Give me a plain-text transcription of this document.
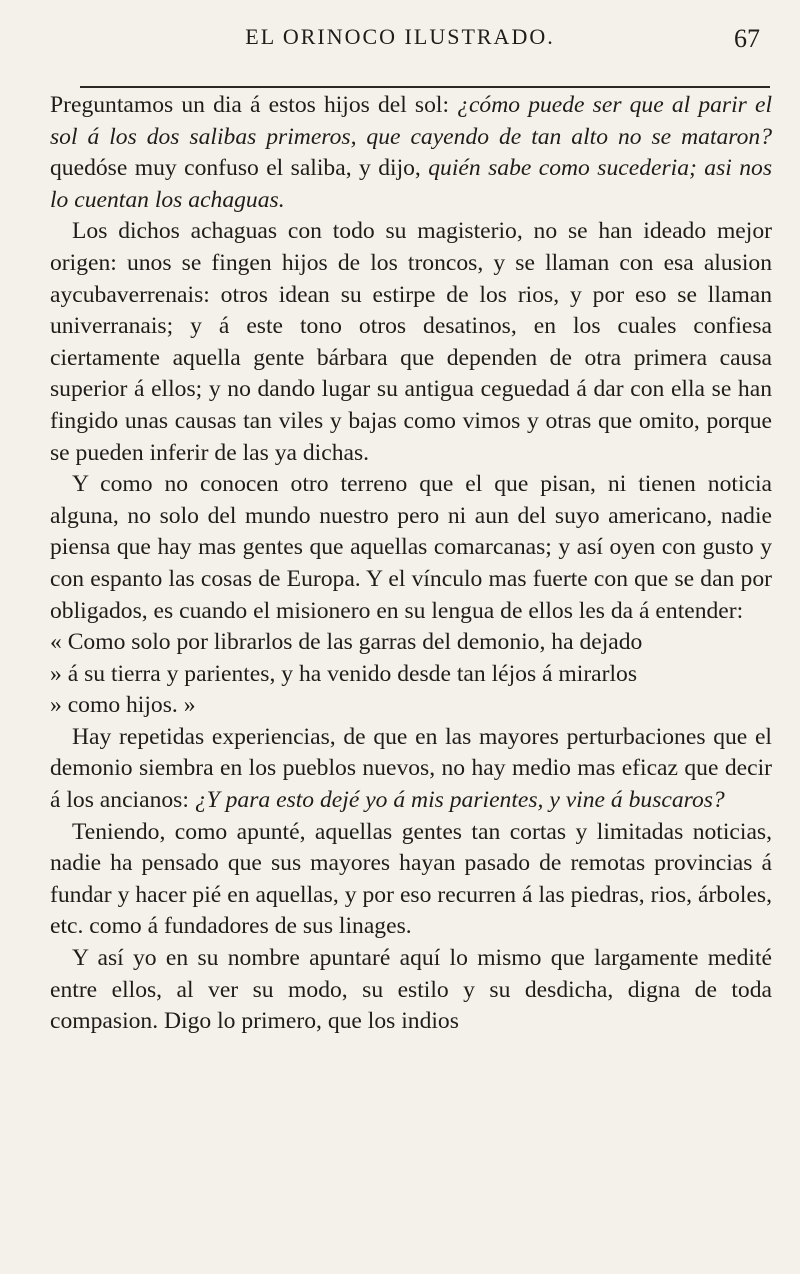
EL ORINOCO ILUSTRADO.	67

Preguntamos un dia á estos hijos del sol: ¿cómo puede ser que al parir el sol á los dos salibas primeros, que cayendo de tan alto no se mataron? quedóse muy confuso el saliba, y dijo, quién sabe como sucederia; asi nos lo cuentan los achaguas.

Los dichos achaguas con todo su magisterio, no se han ideado mejor origen: unos se fingen hijos de los troncos, y se llaman con esa alusion aycubaverrenais: otros idean su estirpe de los rios, y por eso se llaman univerranais; y á este tono otros desatinos, en los cuales confiesa ciertamente aquella gente bárbara que dependen de otra primera causa superior á ellos; y no dando lugar su antigua ceguedad á dar con ella se han fingido unas causas tan viles y bajas como vimos y otras que omito, porque se pueden inferir de las ya dichas.

Y como no conocen otro terreno que el que pisan, ni tienen noticia alguna, no solo del mundo nuestro pero ni aun del suyo americano, nadie piensa que hay mas gentes que aquellas comarcanas; y así oyen con gusto y con espanto las cosas de Europa. Y el vínculo mas fuerte con que se dan por obligados, es cuando el misionero en su lengua de ellos les da á entender:

« Como solo por librarlos de las garras del demonio, ha dejado

» á su tierra y parientes, y ha venido desde tan léjos á mirarlos

» como hijos. »

Hay repetidas experiencias, de que en las mayores perturbaciones que el demonio siembra en los pueblos nuevos, no hay medio mas eficaz que decir á los ancianos: ¿Y para esto dejé yo á mis parientes, y vine á buscaros?

Teniendo, como apunté, aquellas gentes tan cortas y limitadas noticias, nadie ha pensado que sus mayores hayan pasado de remotas provincias á fundar y hacer pié en aquellas, y por eso recurren á las piedras, rios, árboles, etc. como á fundadores de sus linages.

Y así yo en su nombre apuntaré aquí lo mismo que largamente medité entre ellos, al ver su modo, su estilo y su desdicha, digna de toda compasion. Digo lo primero, que los indios
